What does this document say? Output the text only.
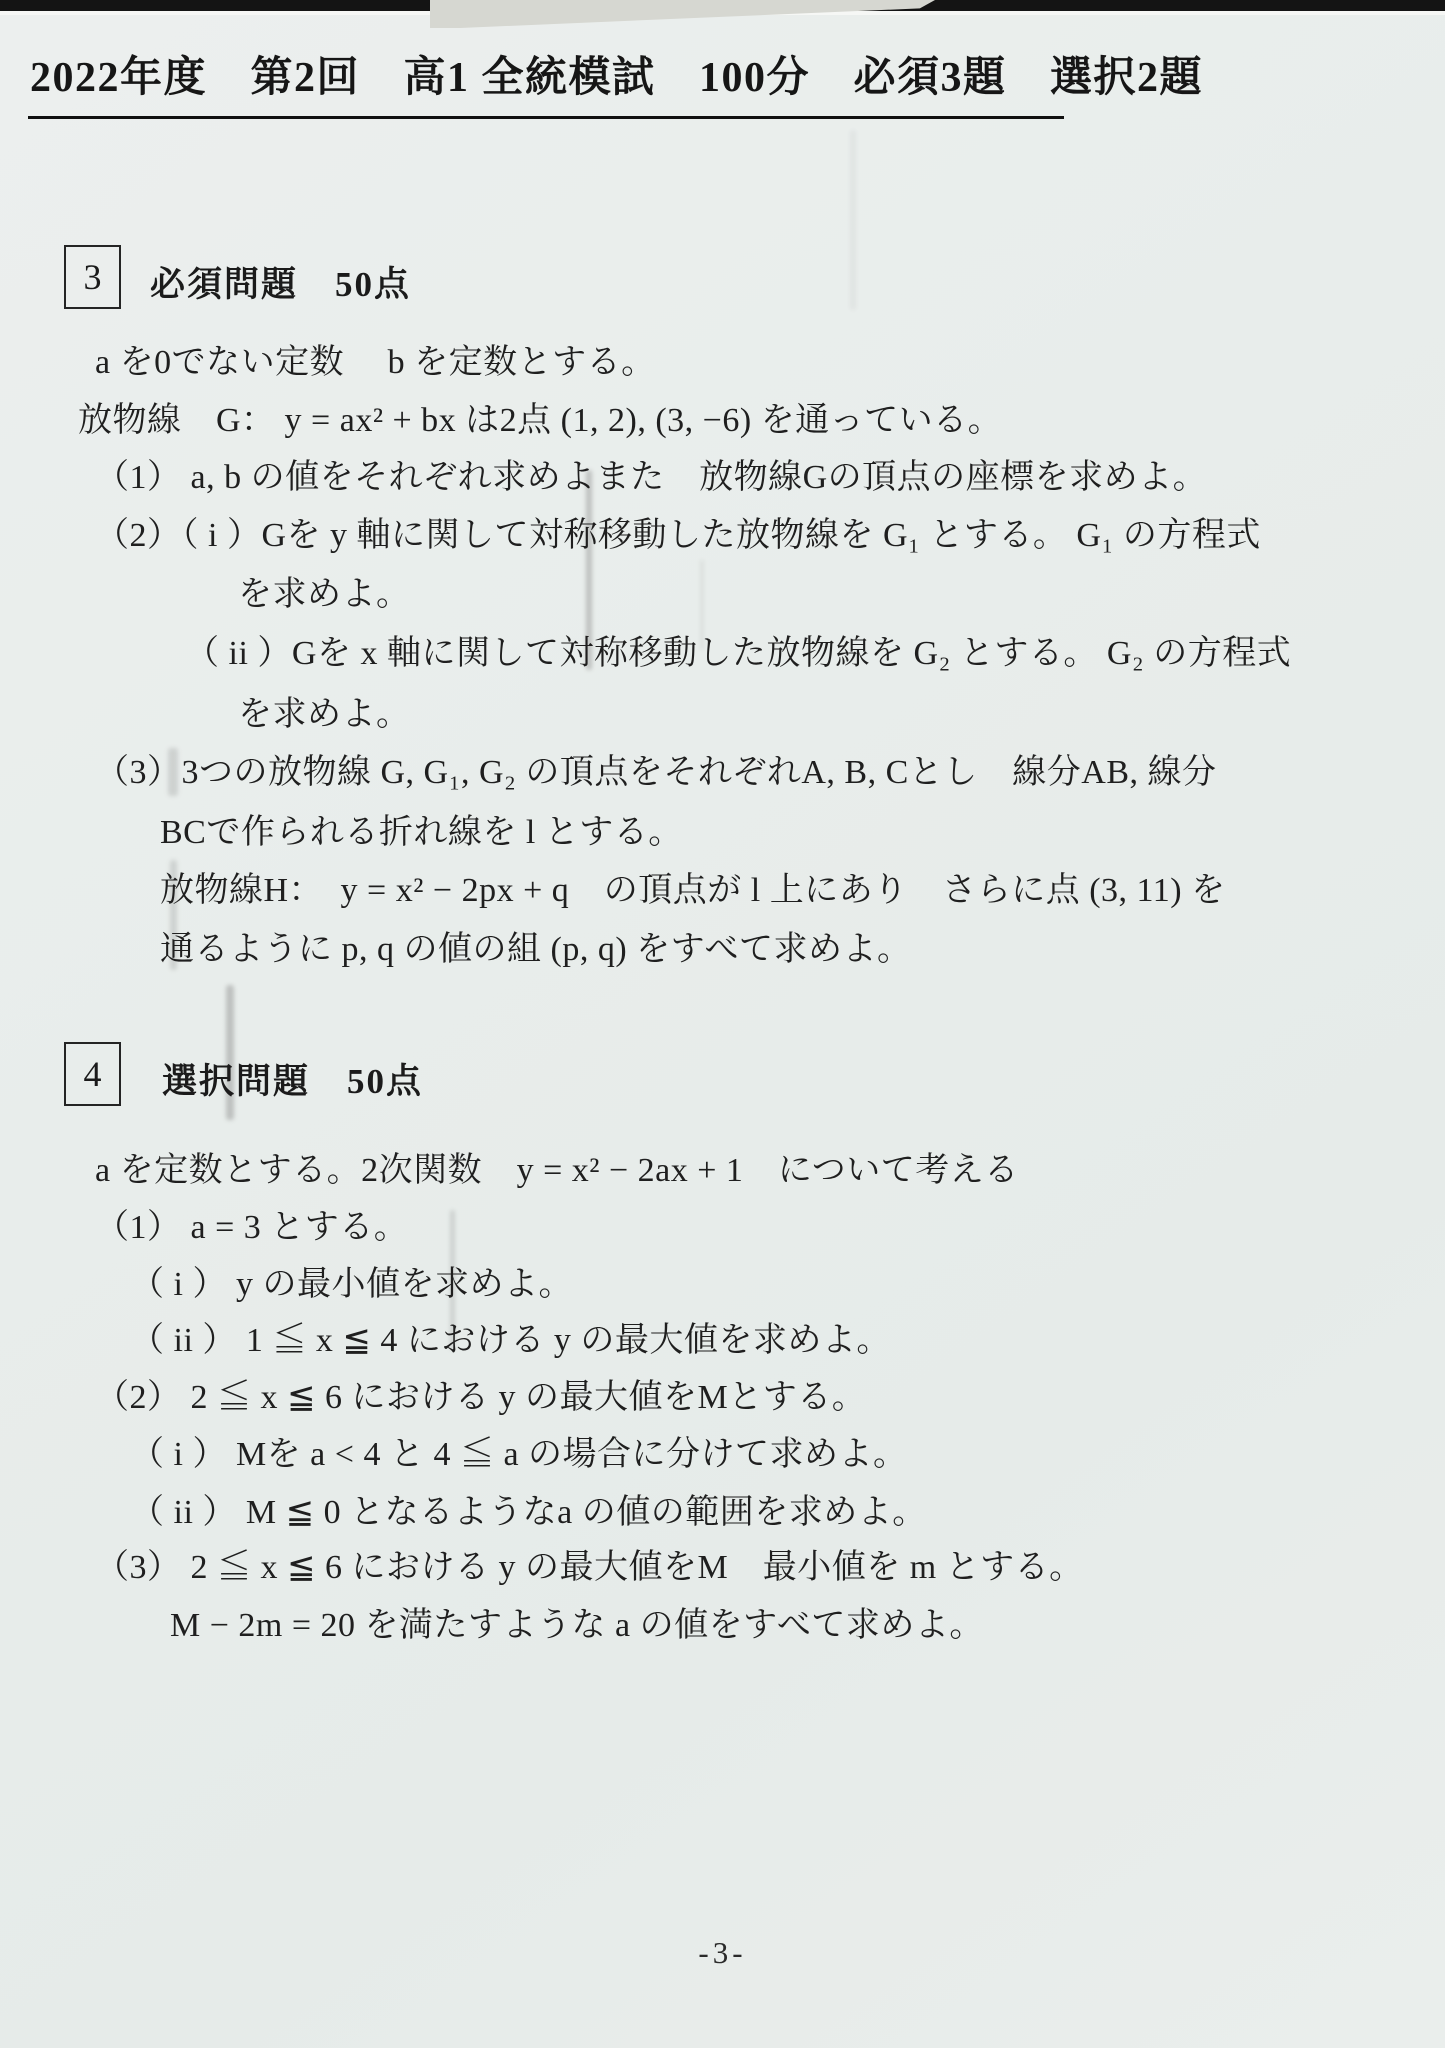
2022年度　第2回　高1 全統模試　100分　必須3題　選択2題
3 必須問題　50点
a を0でない定数　 b を定数とする。
放物線　G： y = ax² + bx は2点 (1, 2), (3, −6) を通っている。
（1） a, b の値をそれぞれ求めよまた　放物線Gの頂点の座標を求めよ。
（2）（ i ）Gを y 軸に関して対称移動した放物線を G₁ とする。 G₁ の方程式
を求めよ。
（ ii ）Gを x 軸に関して対称移動した放物線を G₂ とする。 G₂ の方程式
を求めよ。
（3）3つの放物線 G, G₁, G₂ の頂点をそれぞれA, B, Cとし　線分AB, 線分
BCで作られる折れ線を l とする。
放物線H：　y = x² − 2px + q　の頂点が l 上にあり　さらに点 (3, 11) を
通るように p, q の値の組 (p, q) をすべて求めよ。
4 選択問題　50点
a を定数とする。2次関数　y = x² − 2ax + 1　について考える
（1） a = 3 とする。
（ i ） y の最小値を求めよ。
（ ii ） 1 ≦ x ≦ 4 における y の最大値を求めよ。
（2） 2 ≦ x ≦ 6 における y の最大値をMとする。
（ i ） Mを a < 4 と 4 ≦ a の場合に分けて求めよ。
（ ii ） M ≦ 0 となるようなa の値の範囲を求めよ。
（3） 2 ≦ x ≦ 6 における y の最大値をM　最小値を m とする。
M − 2m = 20 を満たすような a の値をすべて求めよ。
-3-
